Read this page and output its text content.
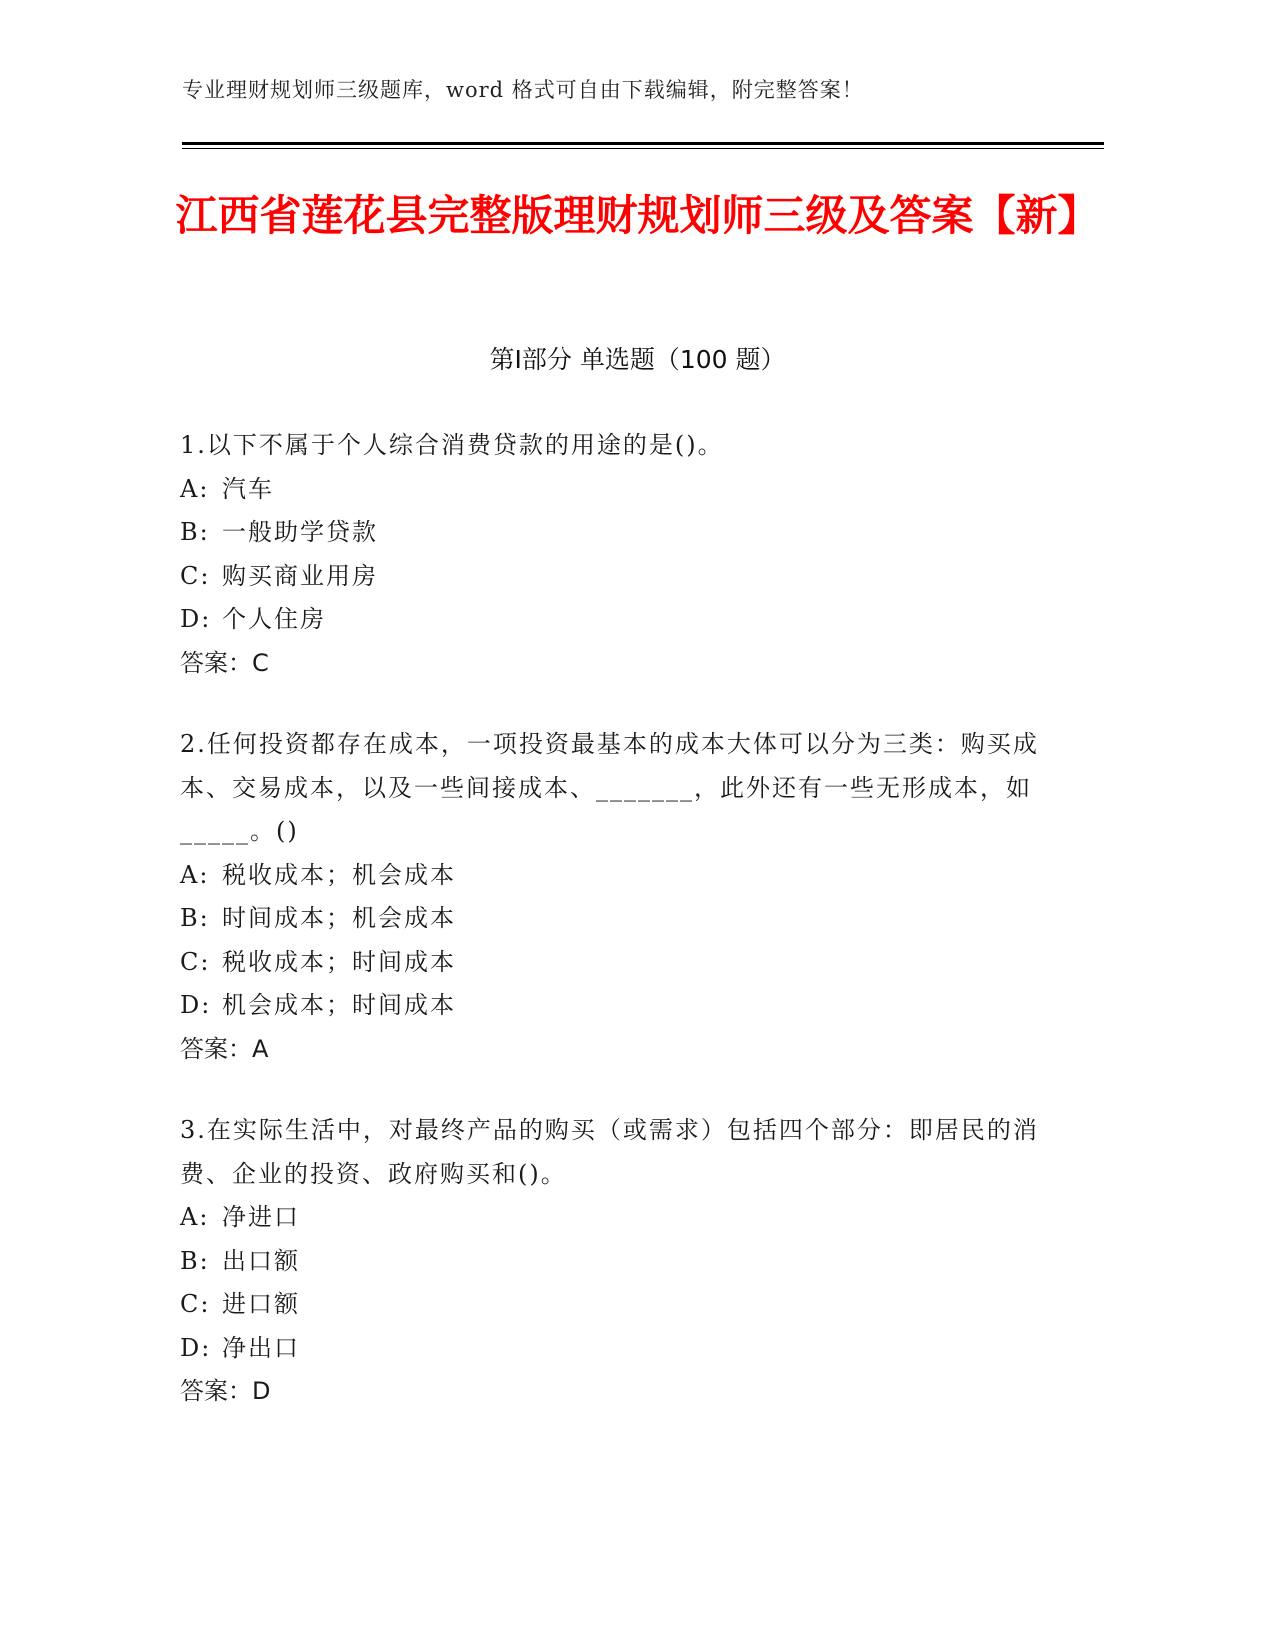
专业理财规划师三级题库，word 格式可自由下载编辑，附完整答案！
江西省莲花县完整版理财规划师三级及答案【新】
第Ⅰ部分 单选题（100 题）

1.以下不属于个人综合消费贷款的用途的是()。

A: 汽车
B: 一般助学贷款
C: 购买商业用房
D: 个人住房
答案：C

2.任何投资都存在成本，一项投资最基本的成本大体可以分为三类：购买成本、交易成本，以及一些间接成本、_______，此外还有一些无形成本，如_____。()

A: 税收成本；机会成本
B: 时间成本；机会成本
C: 税收成本；时间成本
D: 机会成本；时间成本
答案：A

3.在实际生活中，对最终产品的购买（或需求）包括四个部分：即居民的消费、企业的投资、政府购买和()。

A: 净进口
B: 出口额
C: 进口额
D: 净出口
答案：D
